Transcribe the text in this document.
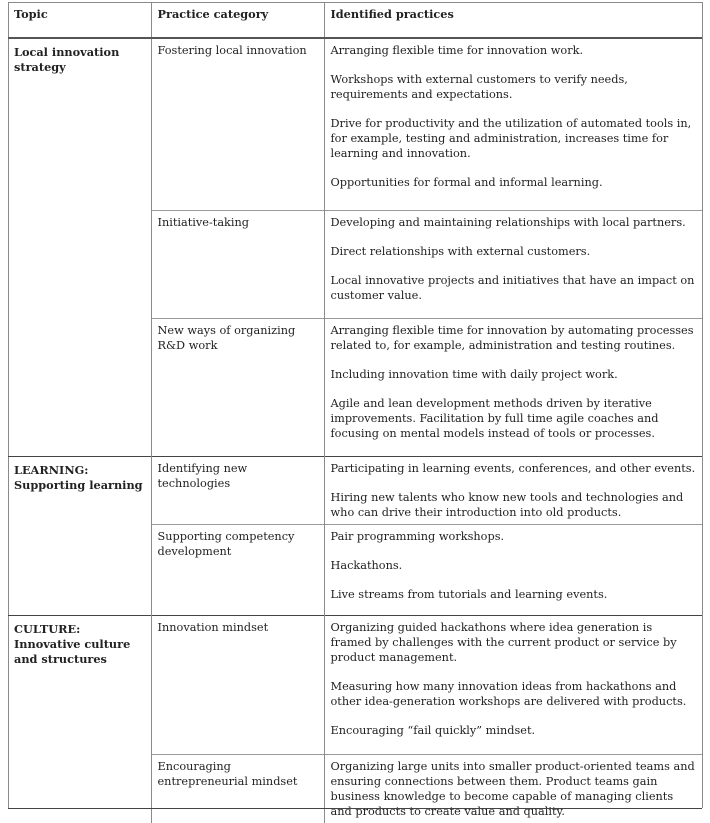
Topic	Practice category	Identified practices
Local innovation strategy	Fostering local innovation	Arranging flexible time for innovation work.
Workshops with external customers to verify needs, requirements and expectations.
Drive for productivity and the utilization of automated tools in, for example, testing and administration, increases time for learning and innovation.
Opportunities for formal and informal learning.

	Initiative-taking	Developing and maintaining relationships with local partners.
Direct relationships with external customers.
Local innovative projects and initiatives that have an impact on customer value.

	New ways of organizing R&D work	Arranging flexible time for innovation by automating processes related to, for example, administration and testing routines.
Including innovation time with daily project work.
Agile and lean development methods driven by iterative improvements. Facilitation by full time agile coaches and focusing on mental models instead of tools or processes.

LEARNING: Supporting learning	Identifying new technologies	Participating in learning events, conferences, and other events.
Hiring new talents who know new tools and technologies and who can drive their introduction into old products.

	Supporting competency development	Pair programming workshops.
Hackathons.
Live streams from tutorials and learning events.

CULTURE: Innovative culture and structures	Innovation mindset	Organizing guided hackathons where idea generation is framed by challenges with the current product or service by product management.
Measuring how many innovation ideas from hackathons and other idea-generation workshops are delivered with products.
Encouraging “fail quickly” mindset.

	Encouraging entrepreneurial mindset	Organizing large units into smaller product-oriented teams and ensuring connections between them. Product teams gain business knowledge to become capable of managing clients and products to create value and quality.
